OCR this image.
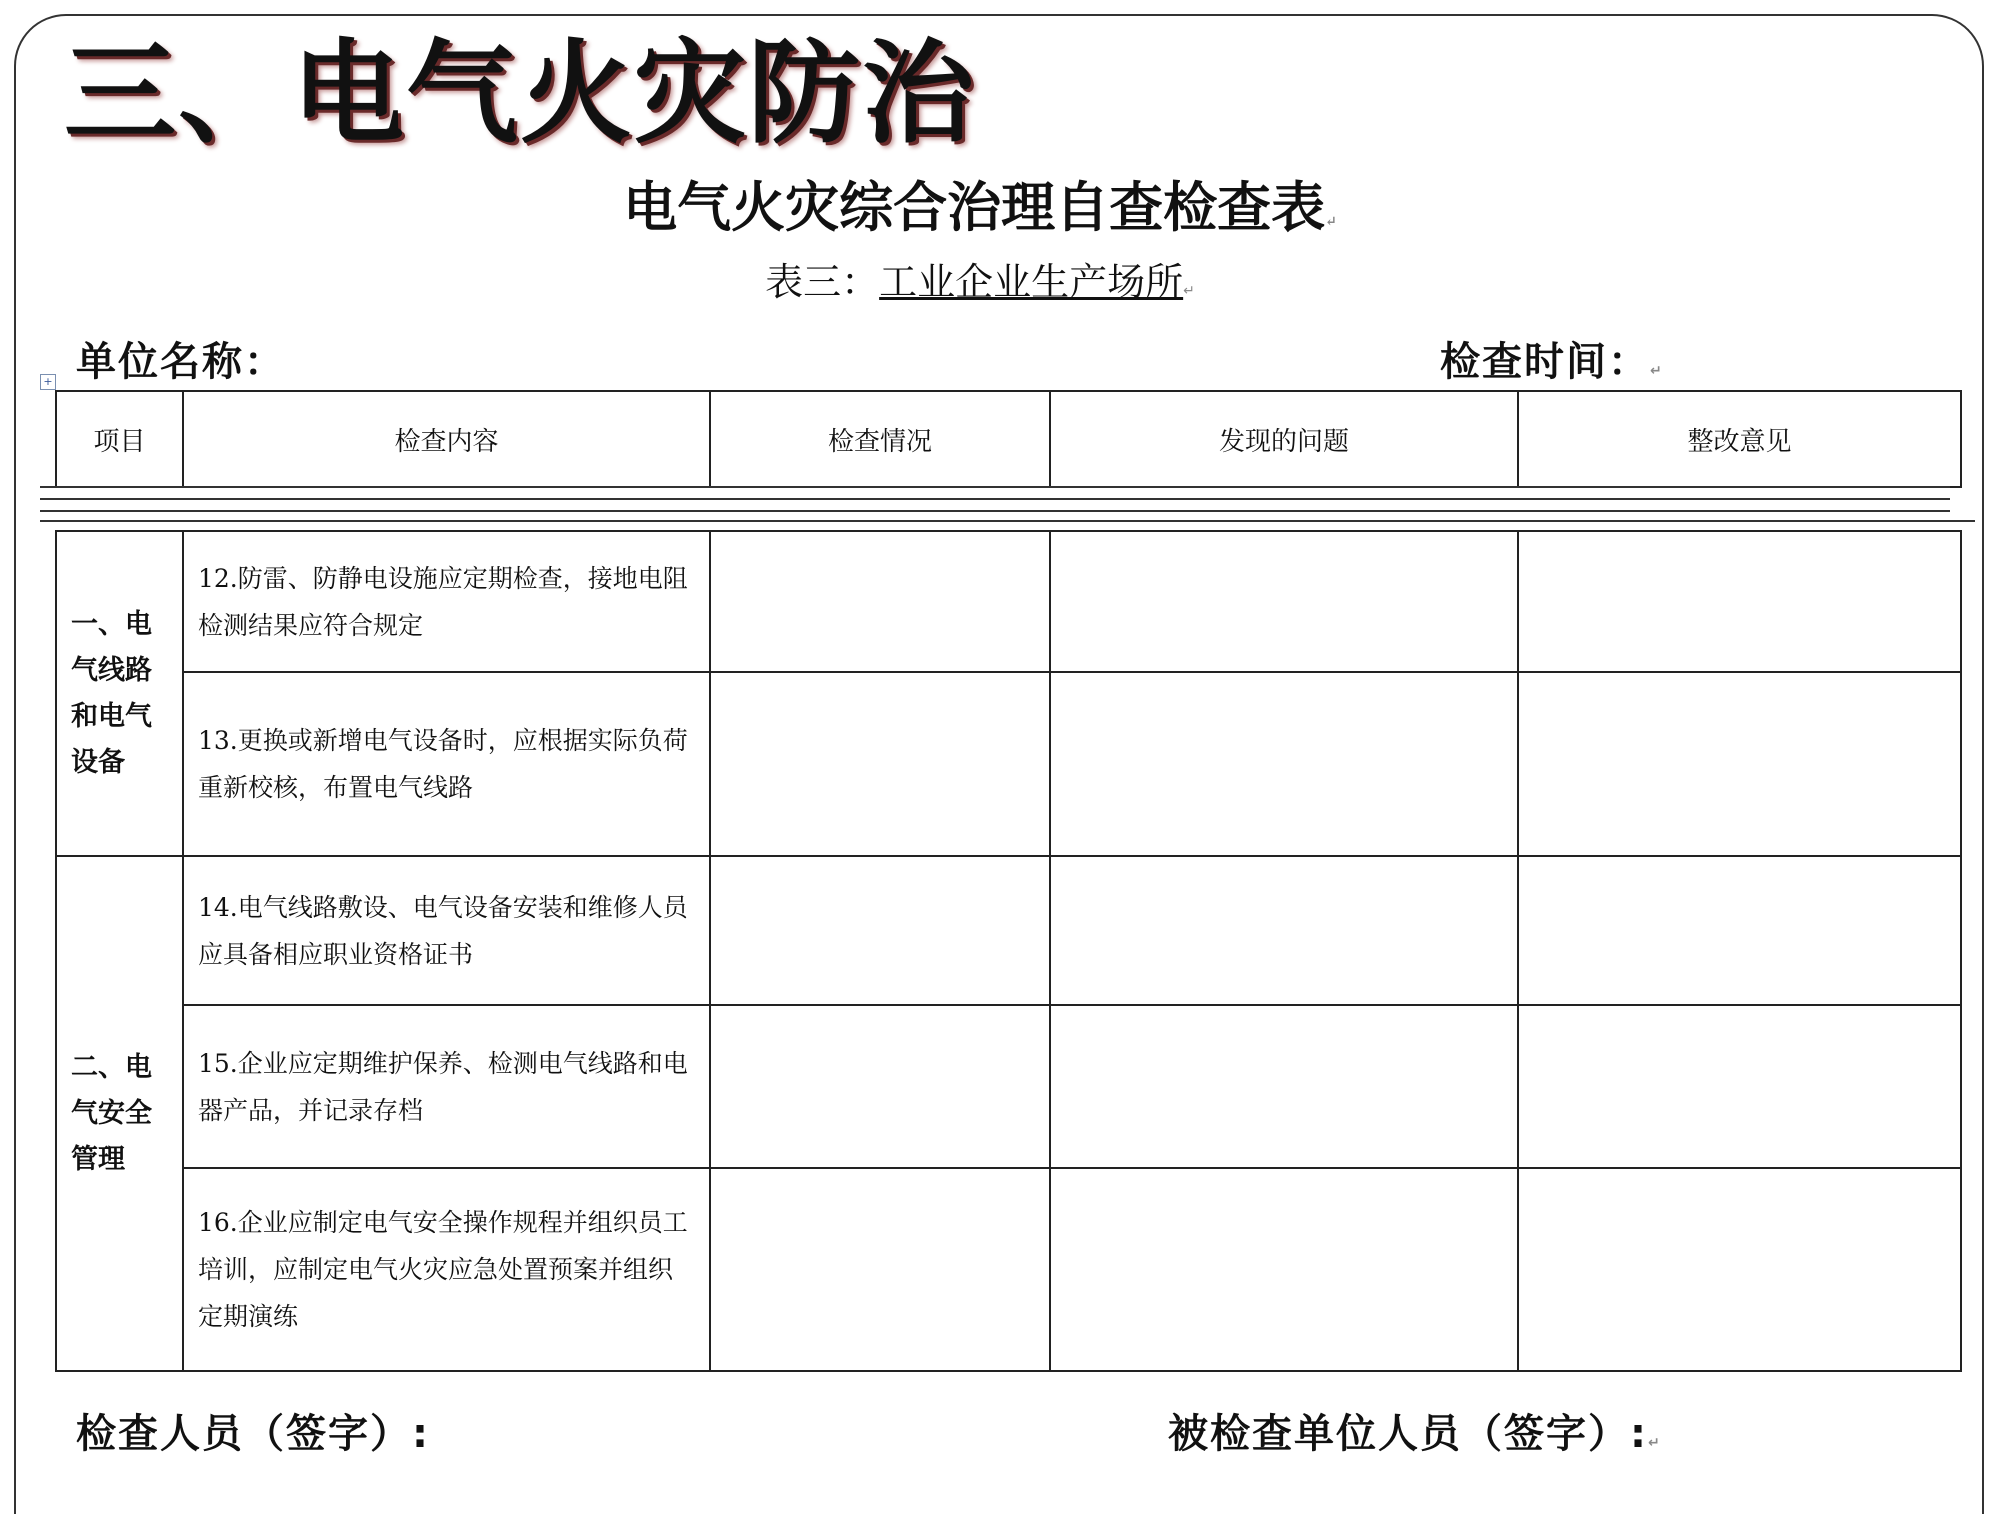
三、电气火灾防治
电气火灾综合治理自查检查表↵
表三：工业企业生产场所↵
单位名称：	检查时间：↵
+
项目	检查内容	检查情况	发现的问题	整改意见
一、电气线路和电气设备	12.防雷、防静电设施应定期检查，接地电阻检测结果应符合规定			
	13.更换或新增电气设备时，应根据实际负荷重新校核，布置电气线路			
二、电气安全管理	14.电气线路敷设、电气设备安装和维修人员应具备相应职业资格证书			
	15.企业应定期维护保养、检测电气线路和电器产品，并记录存档			
	16.企业应制定电气安全操作规程并组织员工培训，应制定电气火灾应急处置预案并组织定期演练			
检查人员（签字）:	被检查单位人员（签字）:↵
